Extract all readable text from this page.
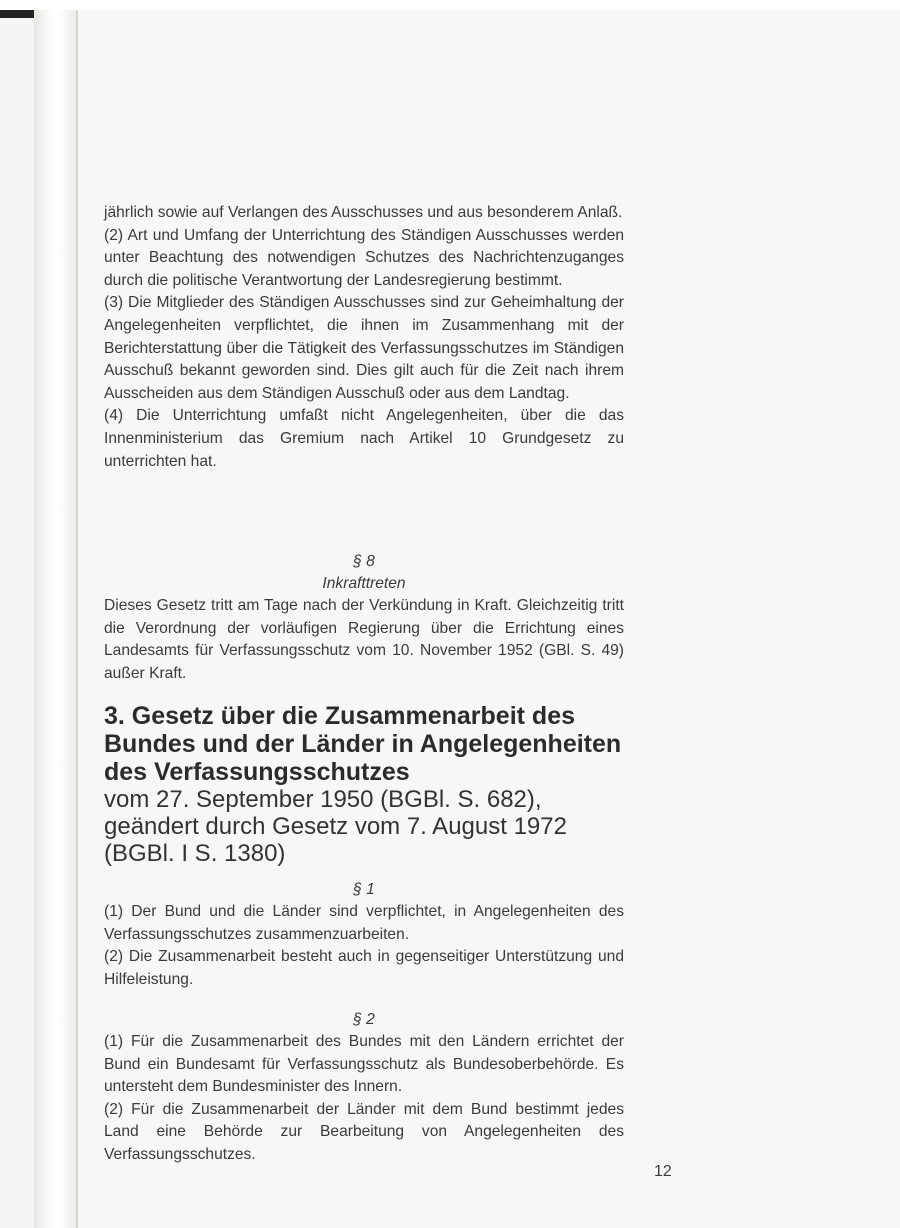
jährlich sowie auf Verlangen des Ausschusses und aus besonderem Anlaß.

(2) Art und Umfang der Unterrichtung des Ständigen Ausschusses werden unter Beachtung des notwendigen Schutzes des Nachrichtenzuganges durch die politische Verantwortung der Landesregierung bestimmt.

(3) Die Mitglieder des Ständigen Ausschusses sind zur Geheimhaltung der Angelegenheiten verpflichtet, die ihnen im Zusammenhang mit der Berichterstattung über die Tätigkeit des Verfassungsschutzes im Ständigen Ausschuß bekannt geworden sind. Dies gilt auch für die Zeit nach ihrem Ausscheiden aus dem Ständigen Ausschuß oder aus dem Landtag.

(4) Die Unterrichtung umfaßt nicht Angelegenheiten, über die das Innenministerium das Gremium nach Artikel 10 Grundgesetz zu unterrichten hat.

§ 8
Inkrafttreten

Dieses Gesetz tritt am Tage nach der Verkündung in Kraft. Gleichzeitig tritt die Verordnung der vorläufigen Regierung über die Errichtung eines Landesamts für Verfassungsschutz vom 10. November 1952 (GBl. S. 49) außer Kraft.

3. Gesetz über die Zusammenarbeit des Bundes und der Länder in Angelegenheiten des Verfassungsschutzes

vom 27. September 1950 (BGBl. S. 682), geändert durch Gesetz vom 7. August 1972 (BGBl. I S. 1380)

§ 1

(1) Der Bund und die Länder sind verpflichtet, in Angelegenheiten des Verfassungsschutzes zusammenzuarbeiten.

(2) Die Zusammenarbeit besteht auch in gegenseitiger Unterstützung und Hilfeleistung.

§ 2

(1) Für die Zusammenarbeit des Bundes mit den Ländern errichtet der Bund ein Bundesamt für Verfassungsschutz als Bundesoberbehörde. Es untersteht dem Bundesminister des Innern.

(2) Für die Zusammenarbeit der Länder mit dem Bund bestimmt jedes Land eine Behörde zur Bearbeitung von Angelegenheiten des Verfassungsschutzes.

12
